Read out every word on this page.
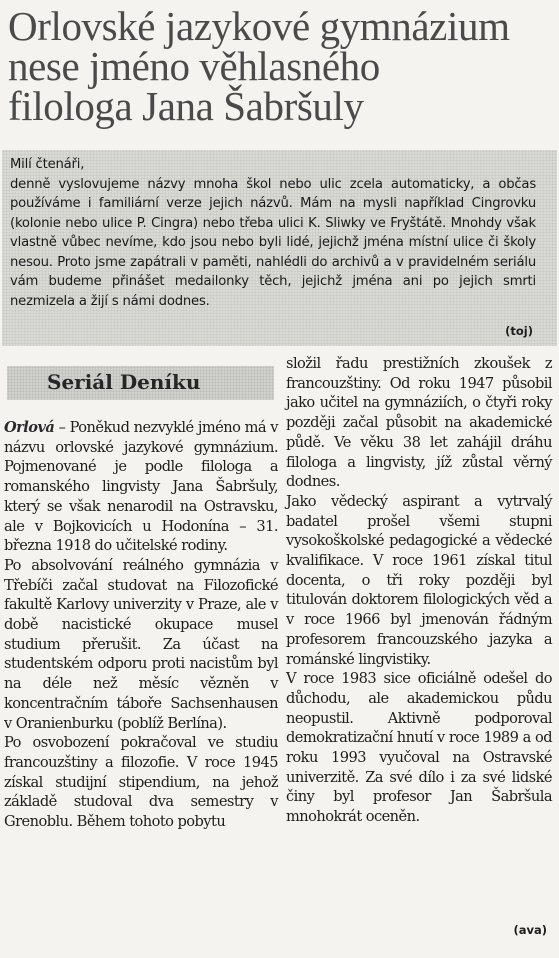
Orlovské jazykové gymnázium
nese jméno věhlasného
filologa Jana Šabršuly
Milí čtenáři,
denně vyslovujeme názvy mnoha škol nebo ulic zcela automaticky, a občas používáme i familiární verze jejich názvů. Mám na mysli například Cingrovku (kolonie nebo ulice P. Cingra) nebo třeba ulici K. Sliwky ve Fryštátě. Mnohdy však vlastně vůbec nevíme, kdo jsou nebo byli lidé, jejichž jména místní ulice či školy nesou. Proto jsme zapátrali v paměti, nahlédli do archivů a v pravidelném seriálu vám budeme přinášet medailonky těch, jejichž jména ani po jejich smrti nezmizela a žijí s námi dodnes.
(toj)
Seriál Deníku

Orlová – Poněkud nezvyklé jméno má v názvu orlovské jazykové gymnázium. Pojmenované je podle filologa a romanského lingvisty Jana Šabršuly, který se však nenarodil na Ostravsku, ale v Bojkovicích u Hodonína – 31. března 1918 do učitelské rodiny.

Po absolvování reálného gymnázia v Třebíči začal studovat na Filozofické fakultě Karlovy univerzity v Praze, ale v době nacistické okupace musel studium přerušit. Za účast na studentském odporu proti nacistům byl na déle než měsíc vězněn v koncentračním táboře Sachsenhausen v Oranienburku (poblíž Berlína).

Po osvobození pokračoval ve studiu francouzštiny a filozofie. V roce 1945 získal studijní stipendium, na jehož základě studoval dva semestry v Grenoblu. Během tohoto pobytu

složil řadu prestižních zkoušek z francouzštiny. Od roku 1947 působil jako učitel na gymnáziích, o čtyři roky později začal působit na akademické půdě. Ve věku 38 let zahájil dráhu filologa a lingvisty, jíž zůstal věrný dodnes.

Jako vědecký aspirant a vytrvalý badatel prošel všemi stupni vysokoškolské pedagogické a vědecké kvalifikace. V roce 1961 získal titul docenta, o tři roky později byl titulován doktorem filologických věd a v roce 1966 byl jmenován řádným profesorem francouzského jazyka a románské lingvistiky.

V roce 1983 sice oficiálně odešel do důchodu, ale akademickou půdu neopustil. Aktivně podporoval demokratizační hnutí v roce 1989 a od roku 1993 vyučoval na Ostravské univerzitě. Za své dílo i za své lidské činy byl profesor Jan Šabršula mnohokrát oceněn.

(ava)
